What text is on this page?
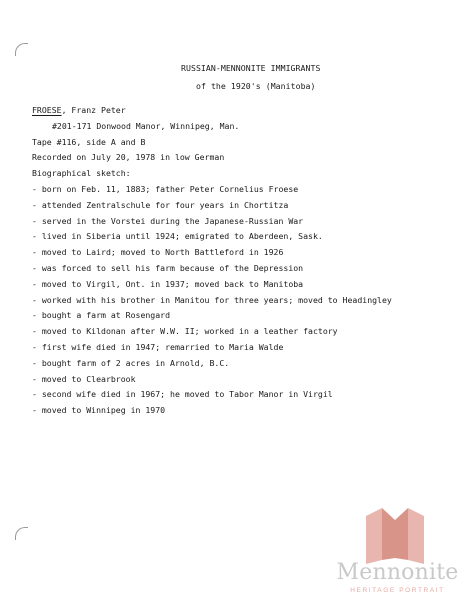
RUSSIAN-MENNONITE IMMIGRANTS
of the 1920's (Manitoba)
FROESE, Franz Peter
#201-171 Donwood Manor, Winnipeg, Man.
Tape #116, side A and B
Recorded on July 20, 1978 in low German
Biographical sketch:
- born on Feb. 11, 1883; father Peter Cornelius Froese
- attended Zentralschule for four years in Chortitza
- served in the Vorstei during the Japanese-Russian War
- lived in Siberia until 1924; emigrated to Aberdeen, Sask.
- moved to Laird; moved to North Battleford in 1926
- was forced to sell his farm because of the Depression
- moved to Virgil, Ont. in 1937; moved back to Manitoba
- worked with his brother in Manitou for three years; moved to Headingley
- bought a farm at Rosengard
- moved to Kildonan after W.W. II; worked in a leather factory
- first wife died in 1947; remarried to Maria Walde
- bought farm of 2 acres in Arnold, B.C.
- moved to Clearbrook
- second wife died in 1967; he moved to Tabor Manor in Virgil
- moved to Winnipeg in 1970
Mennonite
HERITAGE PORTRAIT
